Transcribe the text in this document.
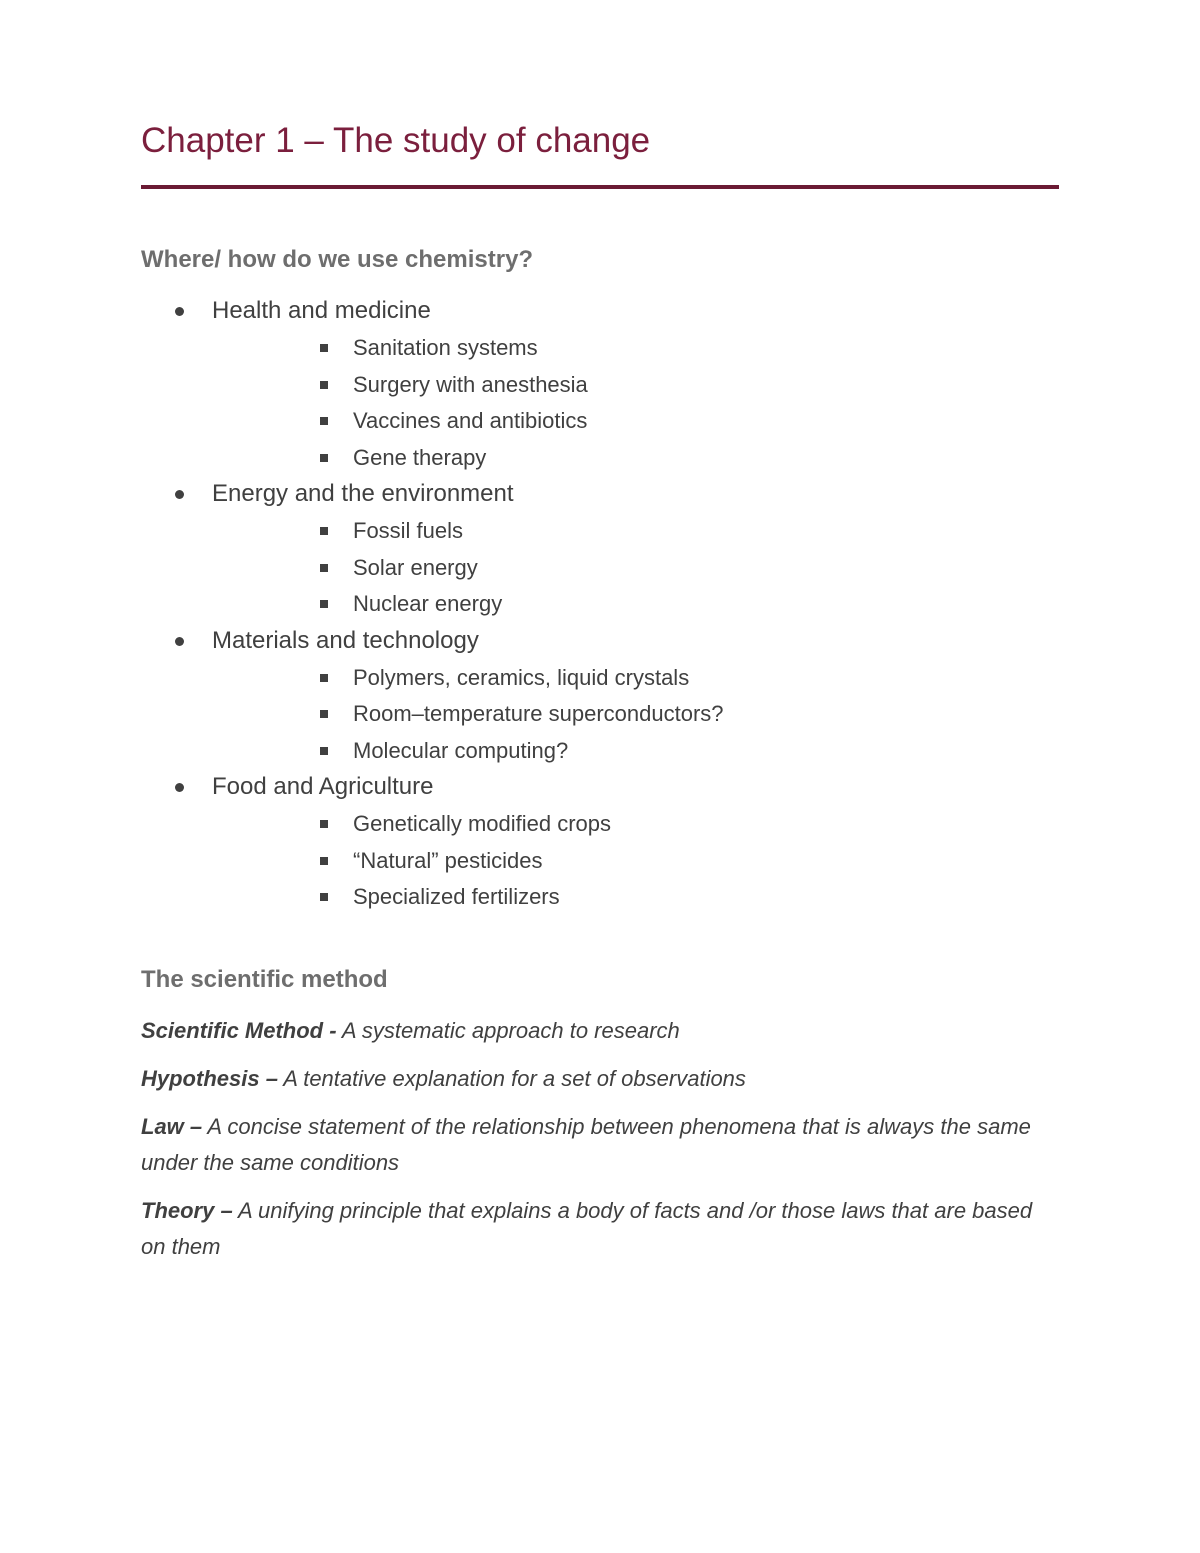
Chapter 1 – The study of change
Where/ how do we use chemistry?
Health and medicine
Sanitation systems
Surgery with anesthesia
Vaccines and antibiotics
Gene therapy
Energy and the environment
Fossil fuels
Solar energy
Nuclear energy
Materials and technology
Polymers, ceramics, liquid crystals
Room–temperature superconductors?
Molecular computing?
Food and Agriculture
Genetically modified crops
“Natural” pesticides
Specialized fertilizers
The scientific method

Scientific Method - A systematic approach to research

Hypothesis – A tentative explanation for a set of observations

Law – A concise statement of the relationship between phenomena that is always the same under the same conditions

Theory – A unifying principle that explains a body of facts and /or those laws that are based on them
